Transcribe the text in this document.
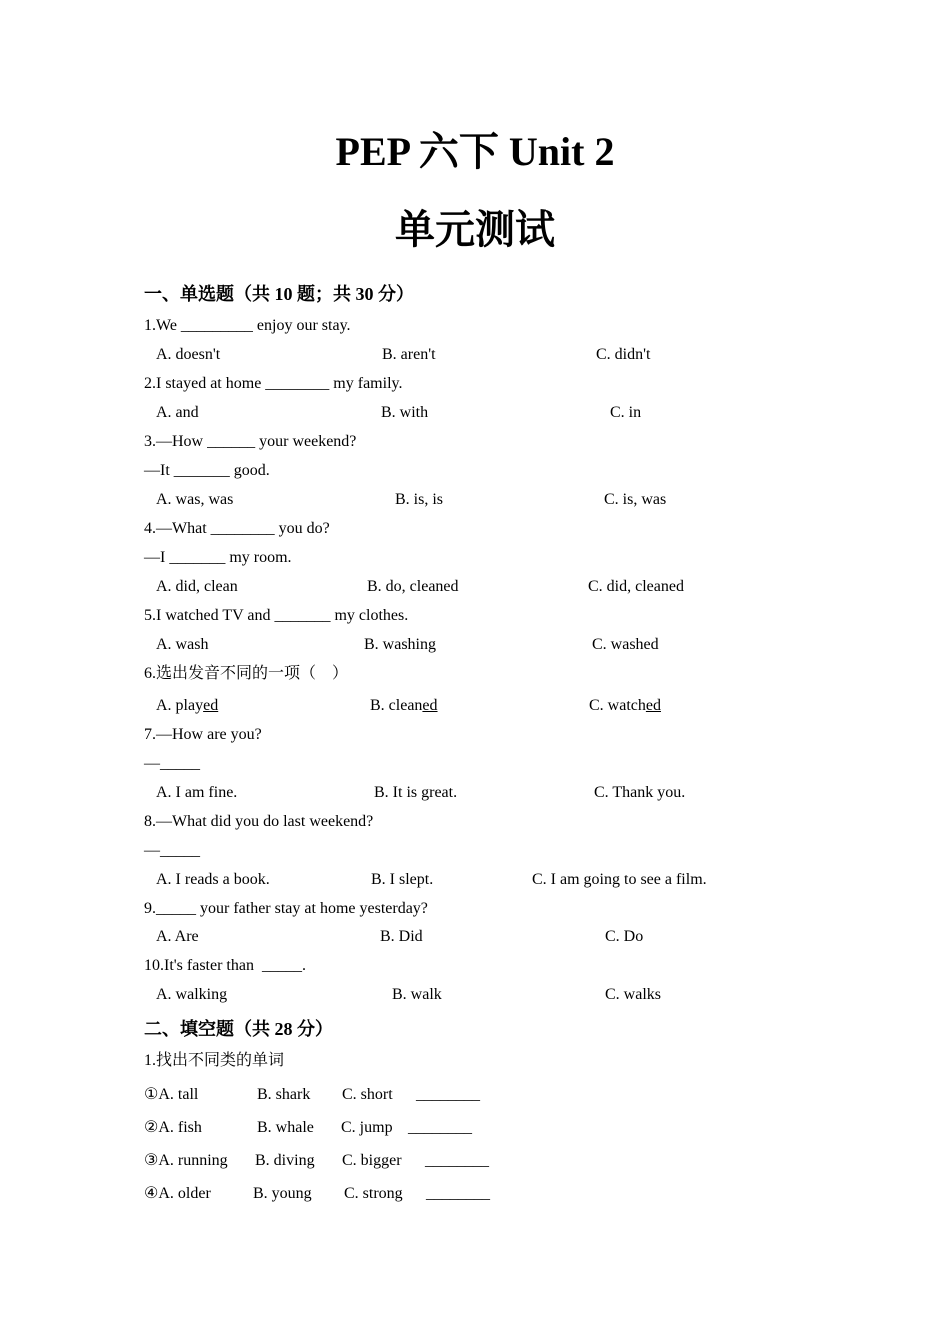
PEP 六下 Unit 2
单元测试
一、单选题（共 10 题；共 30 分）
1.We _________ enjoy our stay.
A. doesn't	B. aren't	C. didn't
2.I stayed at home ________ my family.
A. and	B. with	C. in
3.—How ______ your weekend?
—It _______ good.
A. was, was	B. is, is	C. is, was
4.—What ________ you do?
—I _______ my room.
A. did, clean	B. do, cleaned	C. did, cleaned
5.I watched TV and _______ my clothes.
A. wash	B. washing	C. washed
6.选出发音不同的一项（    ）
A. played	B. cleaned	C. watched
7.—How are you?
—_____
A. I am fine.	B. It is great.	C. Thank you.
8.—What did you do last weekend?
—_____
A. I reads a book.	B. I slept.	C. I am going to see a film.
9._____ your father stay at home yesterday?
A. Are	B. Did	C. Do
10.It's faster than  _____.
A. walking	B. walk	C. walks
二、填空题（共 28 分）
1.找出不同类的单词
①A. tall	B. shark C. short ________
②A. fish	B. whale C. jump ________
③A. running B. diving C. bigger ________
④A. older	B. young C. strong ________
